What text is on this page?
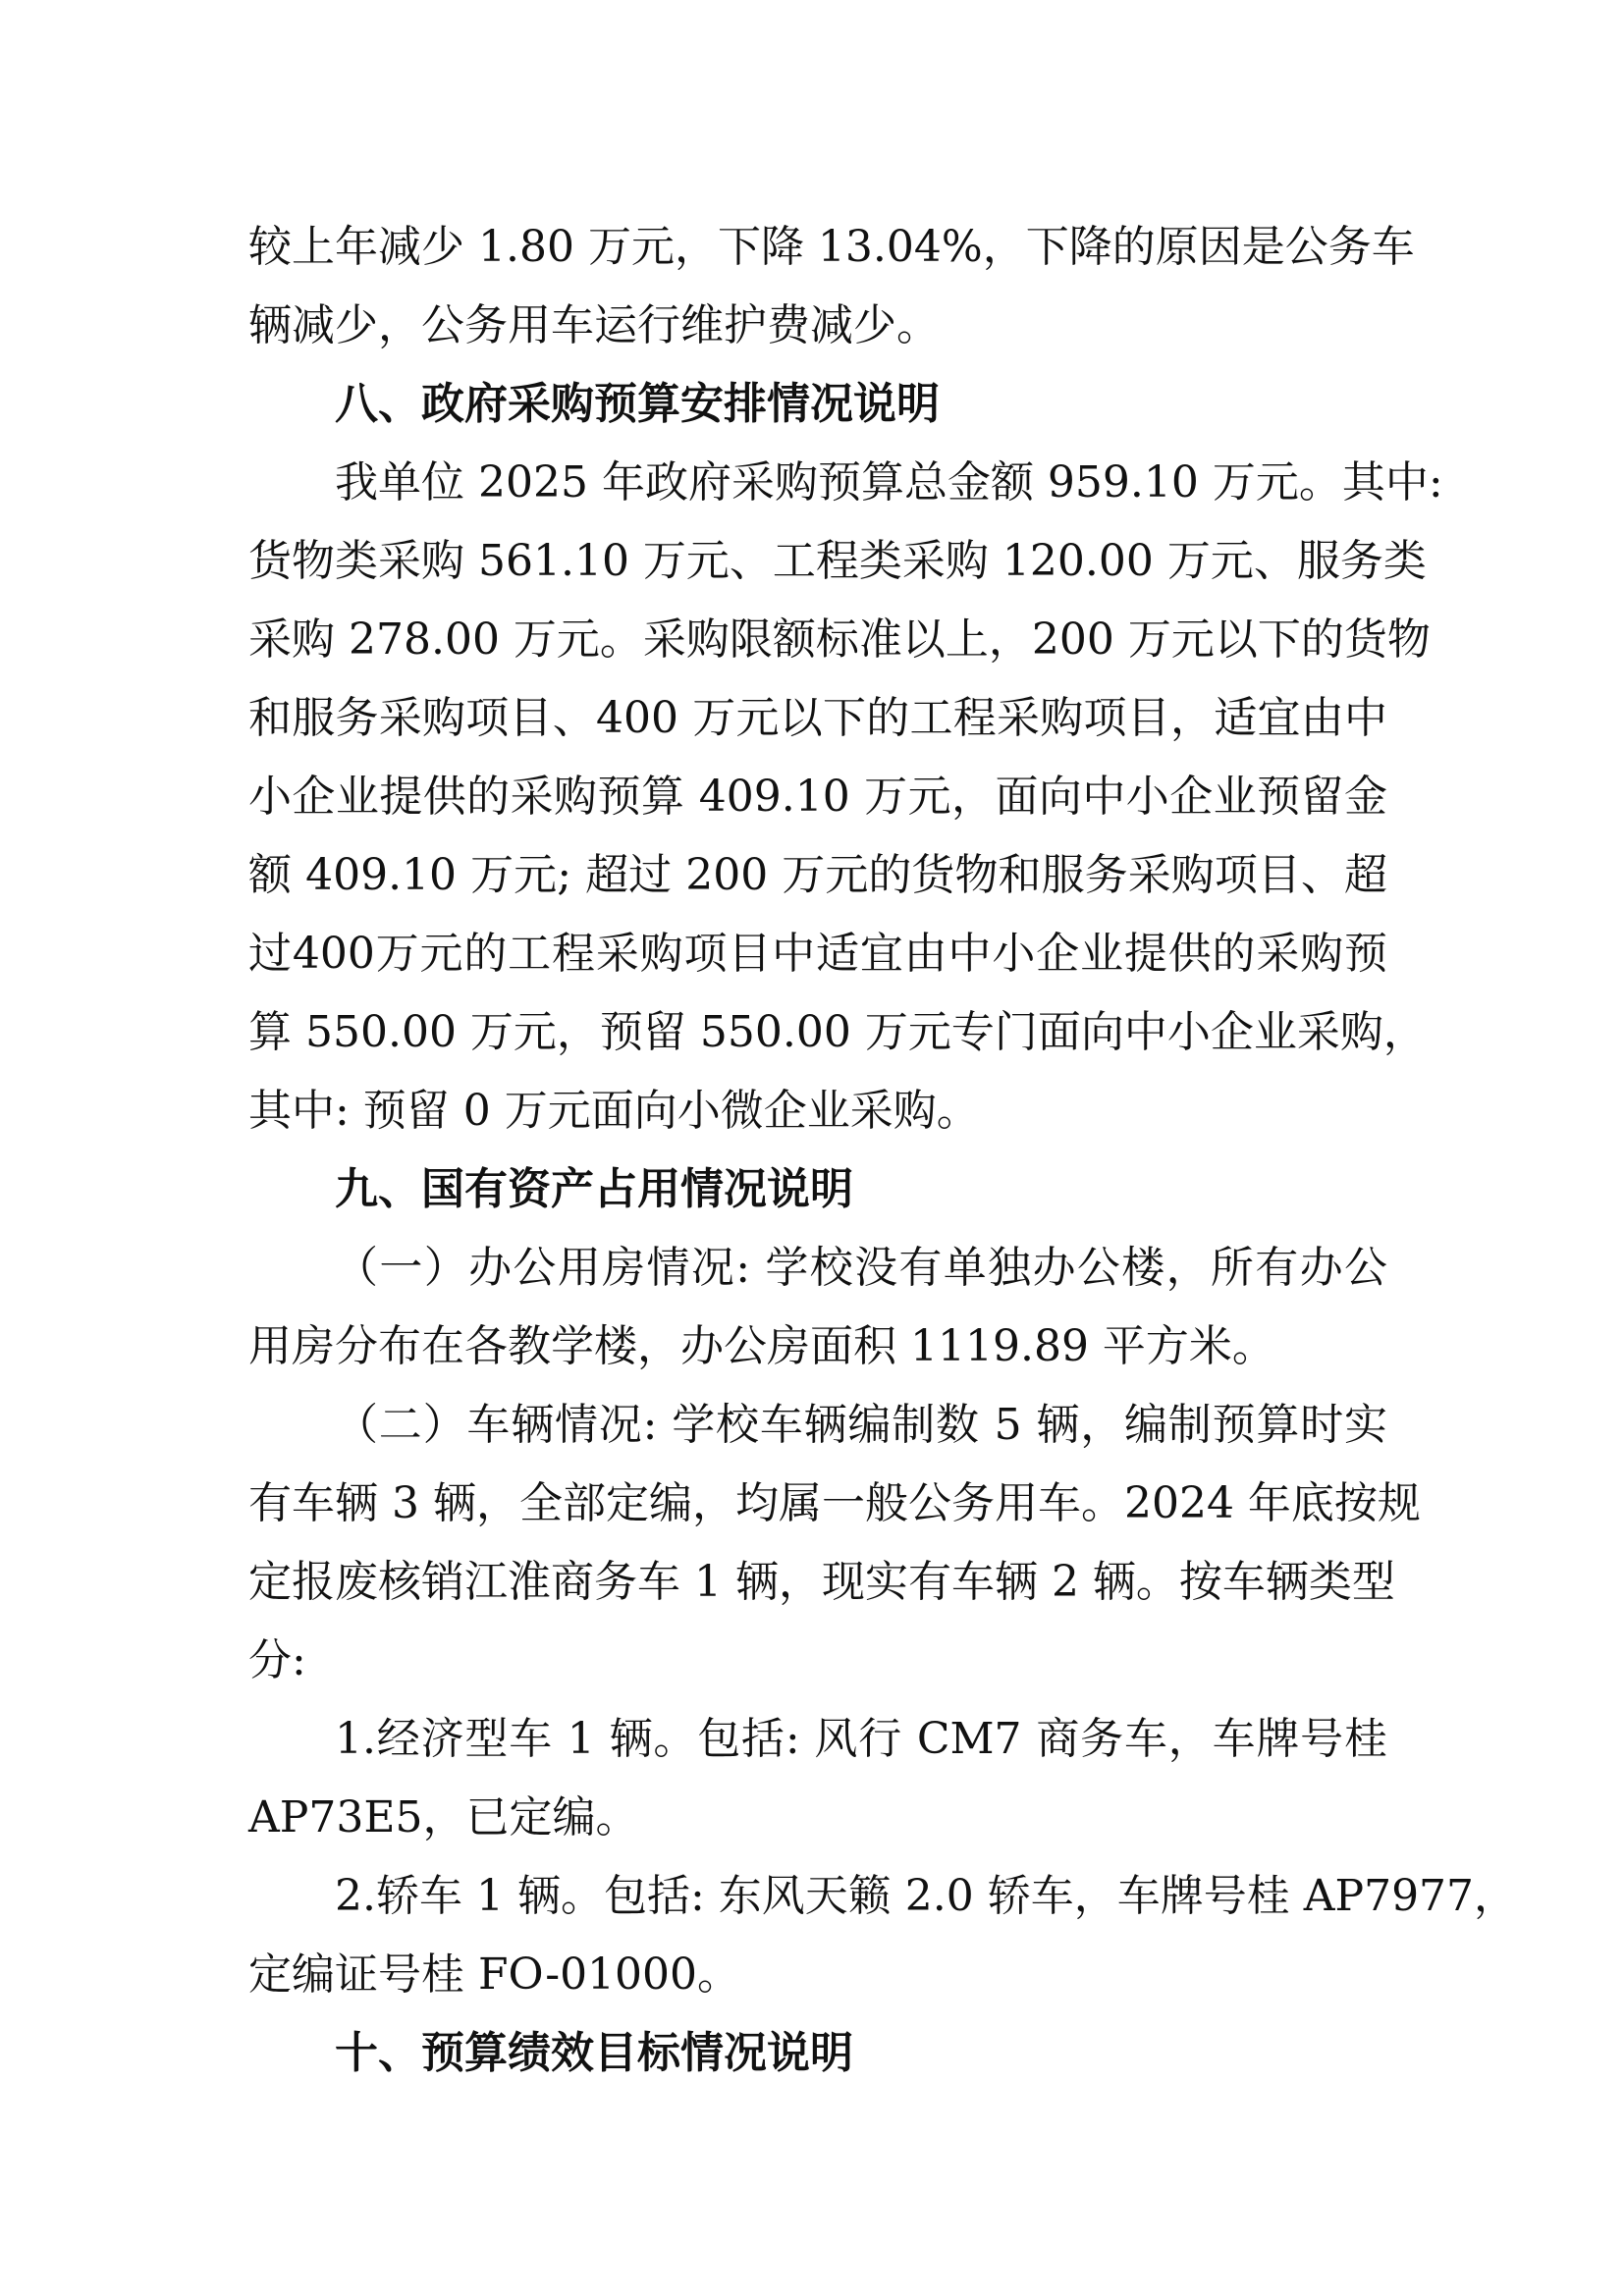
较上年减少 1.80 万元，下降 13.04%，下降的原因是公务车
辆减少，公务用车运行维护费减少。
八、政府采购预算安排情况说明
我单位 2025 年政府采购预算总金额 959.10 万元。其中:
货物类采购 561.10 万元、工程类采购 120.00 万元、服务类
采购 278.00 万元。采购限额标准以上，200 万元以下的货物
和服务采购项目、400 万元以下的工程采购项目，适宜由中
小企业提供的采购预算 409.10 万元，面向中小企业预留金
额 409.10 万元; 超过 200 万元的货物和服务采购项目、超
过400万元的工程采购项目中适宜由中小企业提供的采购预
算 550.00 万元，预留 550.00 万元专门面向中小企业采购，
其中: 预留 0 万元面向小微企业采购。
九、国有资产占用情况说明
（一）办公用房情况: 学校没有单独办公楼，所有办公
用房分布在各教学楼，办公房面积 1119.89 平方米。
（二）车辆情况: 学校车辆编制数 5 辆，编制预算时实
有车辆 3 辆，全部定编，均属一般公务用车。2024 年底按规
定报废核销江淮商务车 1 辆，现实有车辆 2 辆。按车辆类型
分:
1.经济型车 1 辆。包括: 风行 CM7 商务车，车牌号桂
AP73E5，已定编。
2.轿车 1 辆。包括: 东风天籁 2.0 轿车，车牌号桂 AP7977，
定编证号桂 FO-01000。
十、预算绩效目标情况说明
